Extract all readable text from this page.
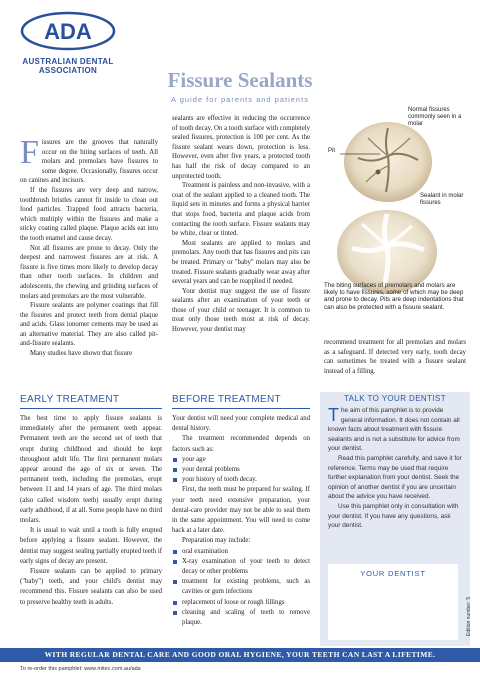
ADA
AUSTRALIAN DENTAL
ASSOCIATION	Fissure Sealants
A guide for parents and patients

Fissures are the grooves that naturally occur on the biting surfaces of teeth. All molars and premolars have fissures to some degree. Occasionally, fissures occur on canines and incisors.

If the fissures are very deep and narrow, toothbrush bristles cannot fit inside to clean out food particles. Trapped food attracts bacteria, which multiply within the fissures and make a sticky coating called plaque. Plaque acids eat into the tooth enamel and cause decay.

Not all fissures are prone to decay. Only the deepest and narrowest fissures are at risk. A fissure is five times more likely to develop decay than other tooth surfaces. In children and adolescents, the chewing and grinding surfaces of molars and premolars are the most vulnerable.

Fissure sealants are polymer coatings that fill the fissures and protect teeth from dental plaque and acids. Glass ionomer cements may be used as an alternative material. They are also called pit-and-fissure sealants.

Many studies have shown that fissure

sealants are effective in reducing the occurrence of tooth decay. On a tooth surface with completely sealed fissures, protection is 100 per cent. As the fissure sealant wears down, protection is less. However, even after five years, a protected tooth has half the risk of decay compared to an unprotected tooth.

Treatment is painless and non-invasive, with a coat of the sealant applied to a cleaned tooth. The liquid sets in minutes and forms a physical barrier that stops food, bacteria and plaque acids from contacting the tooth surface. Fissure sealants may be white, clear or tinted.

Most sealants are applied to molars and premolars. Any tooth that has fissures and pits can be treated. Primary or "baby" molars may also be treated. Fissure sealants gradually wear away after several years and can be reapplied if needed.

Your dentist may suggest the use of fissure sealants after an examination of your teeth or those of your child or teenager. It is common to treat only those teeth most at risk of decay. However, your dentist may

Normal fissures commonly seen in a molar
Pit
Sealant in molar fissures
The biting surfaces of premolars and molars are likely to have fissures, some of which may be deep and prone to decay. Pits are deep indentations that can also be protected with a fissure sealant.

recommend treatment for all premolars and molars as a safeguard. If detected very early, tooth decay can sometimes be treated with a fissure sealant instead of a filling.

EARLY TREATMENT

The best time to apply fissure sealants is immediately after the permanent teeth appear. Permanent teeth are the second set of teeth that erupt during childhood and should be kept throughout adult life. The first permanent molars appear around the age of six or seven. The permanent teeth, including the premolars, erupt between 11 and 14 years of age. The third molars (also called wisdom teeth) usually erupt during early adulthood, if at all. Some people have no third molars.

It is usual to wait until a tooth is fully erupted before applying a fissure sealant. However, the dentist may suggest sealing partially erupted teeth if early signs of decay are present.

Fissure sealants can be applied to primary ("baby") teeth, and your child's dentist may recommend this. Fissure sealants can also be used to preserve healthy teeth in adults.

BEFORE TREATMENT

Your dentist will need your complete medical and dental history.

The treatment recommended depends on factors such as:

your age
your dental problems
your history of tooth decay.

First, the teeth must be prepared for sealing. If your teeth need extensive preparation, your dental-care provider may not be able to seal them in the same appointment. You will need to come back at a later date.

Preparation may include:

oral examination
X-ray examination of your teeth to detect decay or other problems
treatment for existing problems, such as cavities or gum infections
replacement of loose or rough fillings
cleaning and scaling of teeth to remove plaque.
TALK TO YOUR DENTIST

The aim of this pamphlet is to provide general information. It does not contain all known facts about treatment with fissure sealants and is not a substitute for advice from your dentist.

Read this pamphlet carefully, and save it for reference. Terms may be used that require further explanation from your dentist. Seek the opinion of another dentist if you are uncertain about the advice you have received.

Use this pamphlet only in consultation with your dentist. If you have any questions, ask your dentist.

YOUR DENTIST
Edition number: 5
WITH REGULAR DENTAL CARE AND GOOD ORAL HYGIENE, YOUR TEETH CAN LAST A LIFETIME.
To re-order this pamphlet: www.mitec.com.au/ada
